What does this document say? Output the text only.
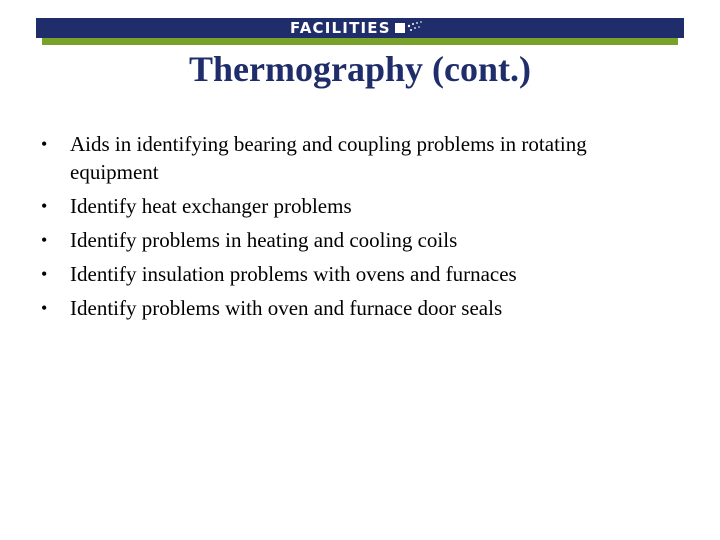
FACILITIES
Thermography (cont.)
• Aids in identifying bearing and coupling problems in rotating equipment
• Identify heat exchanger problems
• Identify problems in heating and cooling coils
• Identify insulation problems with ovens and furnaces
• Identify problems with oven and furnace door seals
